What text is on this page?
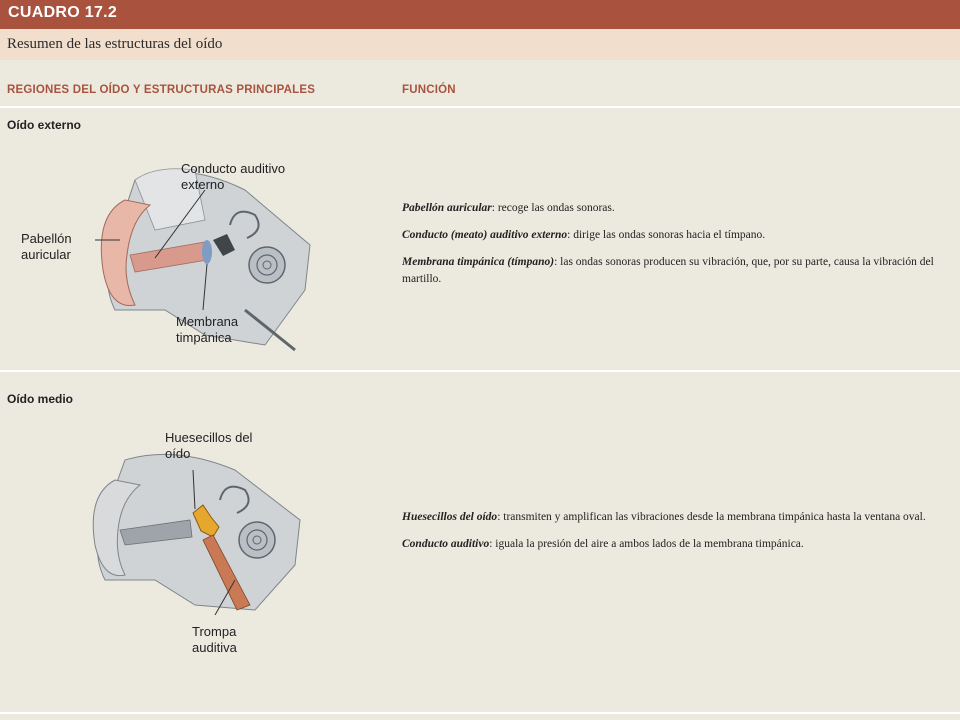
CUADRO 17.2
Resumen de las estructuras del oído
REGIONES DEL OÍDO Y ESTRUCTURAS PRINCIPALES	FUNCIÓN
Oído externo
Conducto auditivo externo
Pabellón auricular
Membrana timpánica

Pabellón auricular: recoge las ondas sonoras.

Conducto (meato) auditivo externo: dirige las ondas sonoras hacia el tímpano.

Membrana timpánica (tímpano): las ondas sonoras producen su vibración, que, por su parte, causa la vibración del martillo.

Oído medio
Huesecillos del oído
Trompa auditiva

Huesecillos del oído: transmiten y amplifican las vibraciones desde la membrana timpánica hasta la ventana oval.

Conducto auditivo: iguala la presión del aire a ambos lados de la membrana timpánica.
